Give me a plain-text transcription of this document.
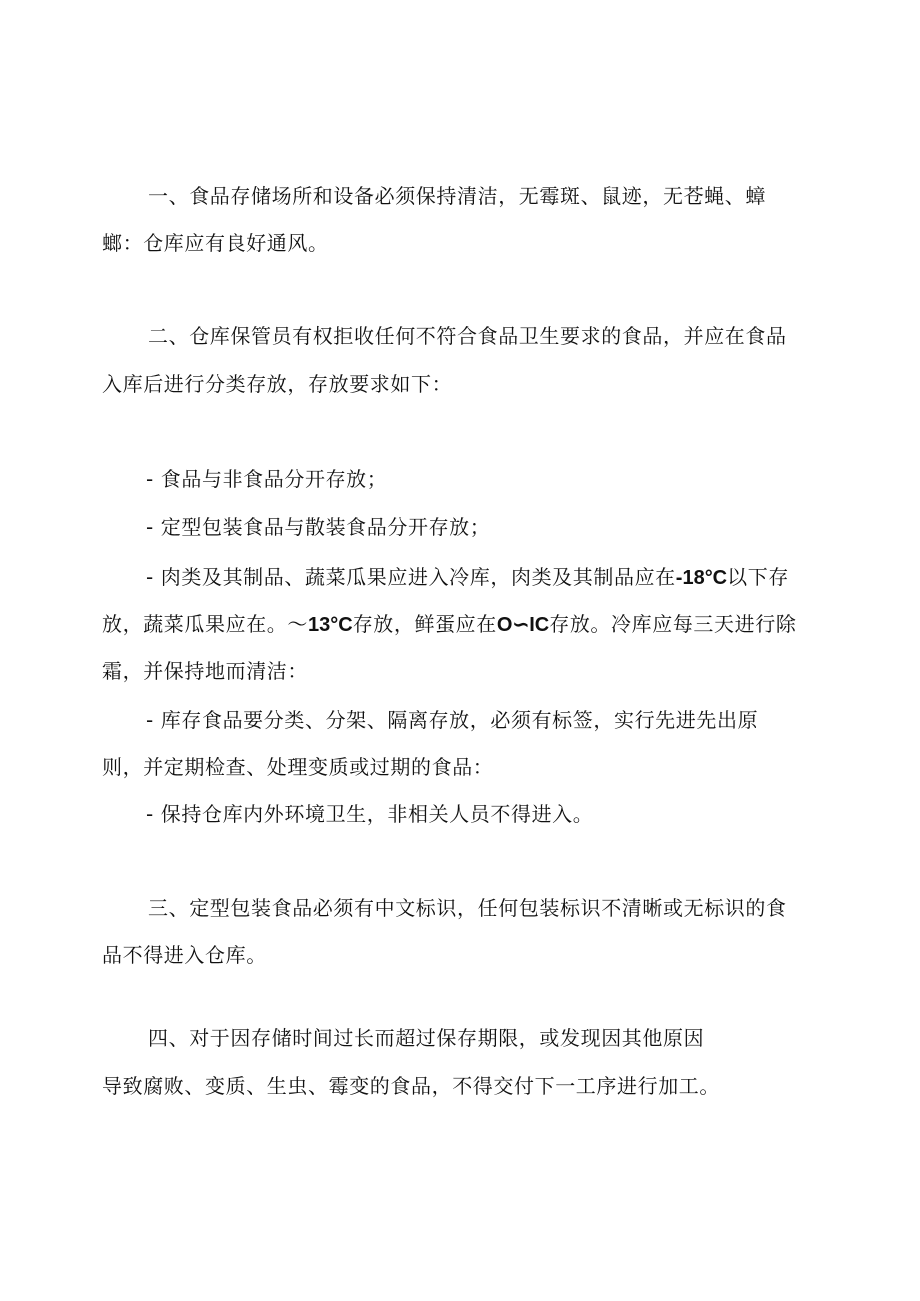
一、食品存储场所和设备必须保持清洁，无霉斑、鼠迹，无苍蝇、蟑
螂：仓库应有良好通风。
二、仓库保管员有权拒收任何不符合食品卫生要求的食品，并应在食品
入库后进行分类存放，存放要求如下：
- 食品与非食品分开存放；
- 定型包装食品与散装食品分开存放；
- 肉类及其制品、蔬菜瓜果应进入冷库，肉类及其制品应在-18°C以下存
放，蔬菜瓜果应在。～13°C存放，鲜蛋应在O∽IC存放。冷库应每三天进行除
霜，并保持地而清洁：
- 库存食品要分类、分架、隔离存放，必须有标签，实行先进先出原
则，并定期检查、处理变质或过期的食品：
- 保持仓库内外环境卫生，非相关人员不得进入。
三、定型包装食品必须有中文标识，任何包装标识不清晰或无标识的食
品不得进入仓库。
四、对于因存储时间过长而超过保存期限，或发现因其他原因
导致腐败、变质、生虫、霉变的食品，不得交付下一工序进行加工。
